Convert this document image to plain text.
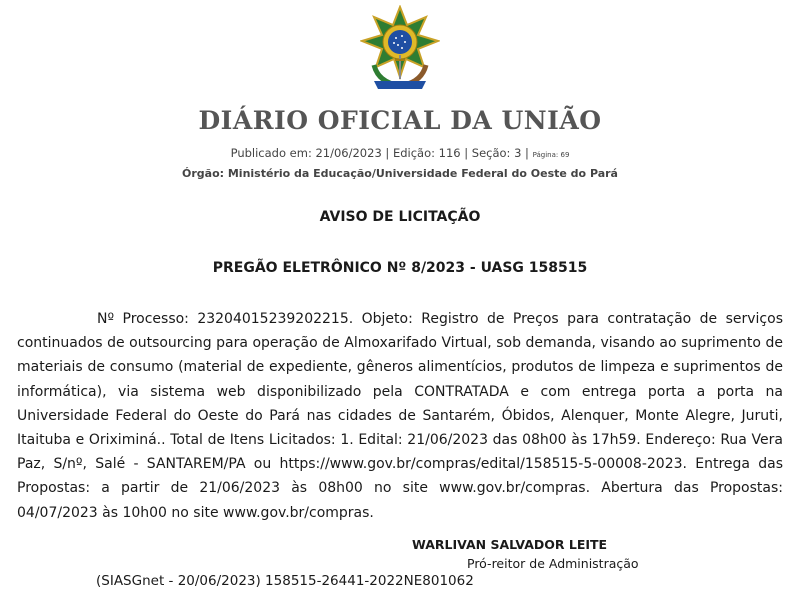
DIÁRIO OFICIAL DA UNIÃO
Publicado em: 21/06/2023 | Edição: 116 | Seção: 3 | Página: 69
Órgão: Ministério da Educação/Universidade Federal do Oeste do Pará
AVISO DE LICITAÇÃO
PREGÃO ELETRÔNICO Nº 8/2023 - UASG 158515

Nº Processo: 23204015239202215. Objeto: Registro de Preços para contratação de serviços continuados de outsourcing para operação de Almoxarifado Virtual, sob demanda, visando ao suprimento de materiais de consumo (material de expediente, gêneros alimentícios, produtos de limpeza e suprimentos de informática), via sistema web disponibilizado pela CONTRATADA e com entrega porta a porta na Universidade Federal do Oeste do Pará nas cidades de Santarém, Óbidos, Alenquer, Monte Alegre, Juruti, Itaituba e Oriximiná.. Total de Itens Licitados: 1. Edital: 21/06/2023 das 08h00 às 17h59. Endereço: Rua Vera Paz, S/nº, Salé - SANTAREM/PA ou https://www.gov.br/compras/edital/158515-5-00008-2023. Entrega das Propostas: a partir de 21/06/2023 às 08h00 no site www.gov.br/compras. Abertura das Propostas: 04/07/2023 às 10h00 no site www.gov.br/compras.

WARLIVAN SALVADOR LEITE
Pró-reitor de Administração
(SIASGnet - 20/06/2023) 158515-26441-2022NE801062
